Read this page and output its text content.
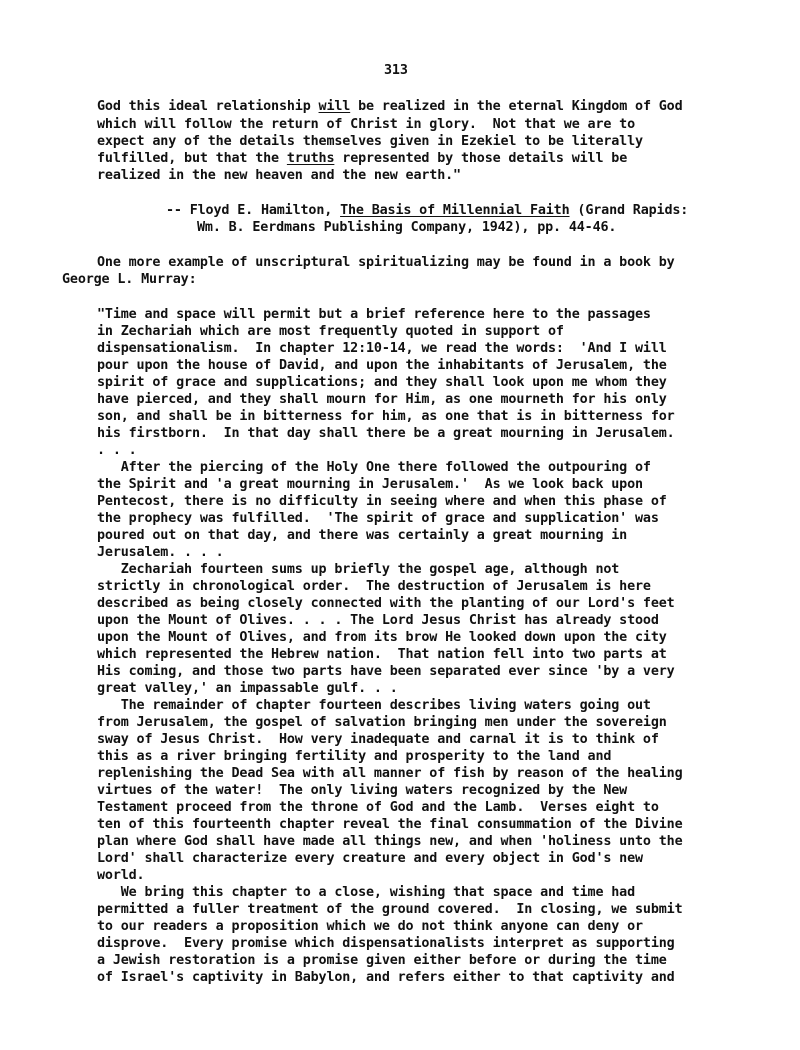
313
God this ideal relationship will be realized in the eternal Kingdom of God
which will follow the return of Christ in glory.  Not that we are to
expect any of the details themselves given in Ezekiel to be literally
fulfilled, but that the truths represented by those details will be
realized in the new heaven and the new earth."
-- Floyd E. Hamilton, The Basis of Millennial Faith (Grand Rapids:
Wm. B. Eerdmans Publishing Company, 1942), pp. 44-46.
One more example of unscriptural spiritualizing may be found in a book by
George L. Murray:
"Time and space will permit but a brief reference here to the passages
in Zechariah which are most frequently quoted in support of
dispensationalism.  In chapter 12:10-14, we read the words:  'And I will
pour upon the house of David, and upon the inhabitants of Jerusalem, the
spirit of grace and supplications; and they shall look upon me whom they
have pierced, and they shall mourn for Him, as one mourneth for his only
son, and shall be in bitterness for him, as one that is in bitterness for
his firstborn.  In that day shall there be a great mourning in Jerusalem.
. . .
After the piercing of the Holy One there followed the outpouring of
the Spirit and 'a great mourning in Jerusalem.'  As we look back upon
Pentecost, there is no difficulty in seeing where and when this phase of
the prophecy was fulfilled.  'The spirit of grace and supplication' was
poured out on that day, and there was certainly a great mourning in
Jerusalem. . . .
Zechariah fourteen sums up briefly the gospel age, although not
strictly in chronological order.  The destruction of Jerusalem is here
described as being closely connected with the planting of our Lord's feet
upon the Mount of Olives. . . . The Lord Jesus Christ has already stood
upon the Mount of Olives, and from its brow He looked down upon the city
which represented the Hebrew nation.  That nation fell into two parts at
His coming, and those two parts have been separated ever since 'by a very
great valley,' an impassable gulf. . .
The remainder of chapter fourteen describes living waters going out
from Jerusalem, the gospel of salvation bringing men under the sovereign
sway of Jesus Christ.  How very inadequate and carnal it is to think of
this as a river bringing fertility and prosperity to the land and
replenishing the Dead Sea with all manner of fish by reason of the healing
virtues of the water!  The only living waters recognized by the New
Testament proceed from the throne of God and the Lamb.  Verses eight to
ten of this fourteenth chapter reveal the final consummation of the Divine
plan where God shall have made all things new, and when 'holiness unto the
Lord' shall characterize every creature and every object in God's new
world.
We bring this chapter to a close, wishing that space and time had
permitted a fuller treatment of the ground covered.  In closing, we submit
to our readers a proposition which we do not think anyone can deny or
disprove.  Every promise which dispensationalists interpret as supporting
a Jewish restoration is a promise given either before or during the time
of Israel's captivity in Babylon, and refers either to that captivity and
